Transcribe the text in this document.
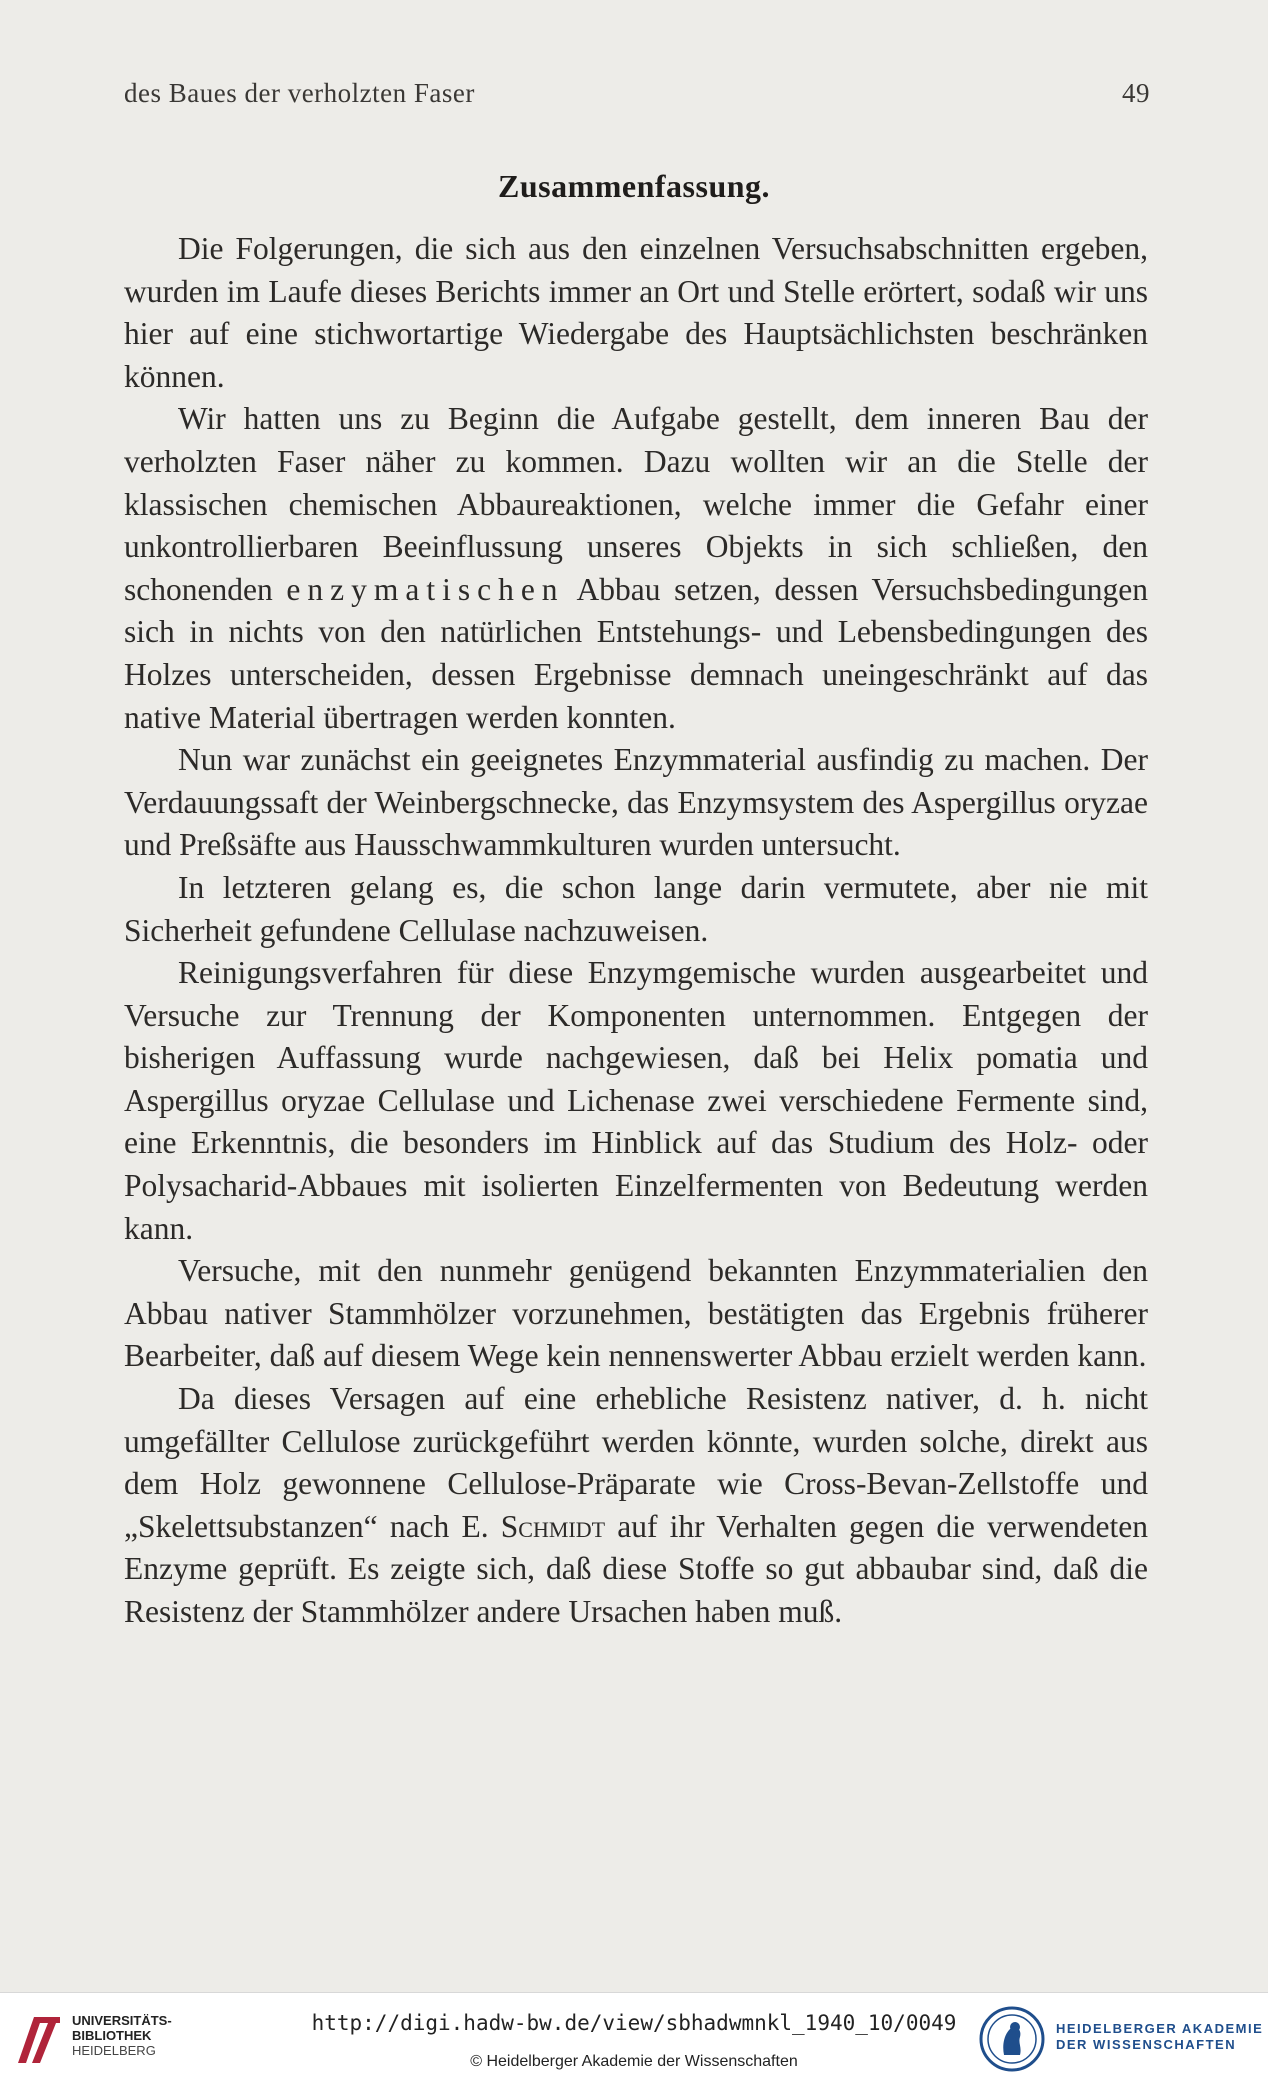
des Baues der verholzten Faser	49
Zusammenfassung.

Die Folgerungen, die sich aus den einzelnen Versuchsabschnitten ergeben, wurden im Laufe dieses Berichts immer an Ort und Stelle erörtert, sodaß wir uns hier auf eine stichwortartige Wiedergabe des Hauptsächlichsten beschränken können.

Wir hatten uns zu Beginn die Aufgabe gestellt, dem inneren Bau der verholzten Faser näher zu kommen. Dazu wollten wir an die Stelle der klassischen chemischen Abbaureaktionen, welche immer die Gefahr einer unkontrollierbaren Beeinflussung unseres Objekts in sich schließen, den schonenden enzymatischen Abbau setzen, dessen Versuchsbedingungen sich in nichts von den natürlichen Entstehungs- und Lebensbedingungen des Holzes unterscheiden, dessen Ergebnisse demnach uneingeschränkt auf das native Material übertragen werden konnten.

Nun war zunächst ein geeignetes Enzymmaterial ausfindig zu machen. Der Verdauungssaft der Weinbergschnecke, das Enzymsystem des Aspergillus oryzae und Preßsäfte aus Hausschwammkulturen wurden untersucht.

In letzteren gelang es, die schon lange darin vermutete, aber nie mit Sicherheit gefundene Cellulase nachzuweisen.

Reinigungsverfahren für diese Enzymgemische wurden ausgearbeitet und Versuche zur Trennung der Komponenten unternommen. Entgegen der bisherigen Auffassung wurde nachgewiesen, daß bei Helix pomatia und Aspergillus oryzae Cellulase und Lichenase zwei verschiedene Fermente sind, eine Erkenntnis, die besonders im Hinblick auf das Studium des Holz- oder Polysacharid-Abbaues mit isolierten Einzelfermenten von Bedeutung werden kann.

Versuche, mit den nunmehr genügend bekannten Enzymmaterialien den Abbau nativer Stammhölzer vorzunehmen, bestätigten das Ergebnis früherer Bearbeiter, daß auf diesem Wege kein nennenswerter Abbau erzielt werden kann.

Da dieses Versagen auf eine erhebliche Resistenz nativer, d. h. nicht umgefällter Cellulose zurückgeführt werden könnte, wurden solche, direkt aus dem Holz gewonnene Cellulose-Präparate wie Cross-Bevan-Zellstoffe und „Skelettsubstanzen“ nach E. Schmidt auf ihr Verhalten gegen die verwendeten Enzyme geprüft. Es zeigte sich, daß diese Stoffe so gut abbaubar sind, daß die Resistenz der Stammhölzer andere Ursachen haben muß.

UNIVERSITÄTS-
BIBLIOTHEK
HEIDELBERG
http://digi.hadw-bw.de/view/sbhadwmnkl_1940_10/0049
© Heidelberger Akademie der Wissenschaften
HEIDELBERGER AKADEMIE
DER WISSENSCHAFTEN
